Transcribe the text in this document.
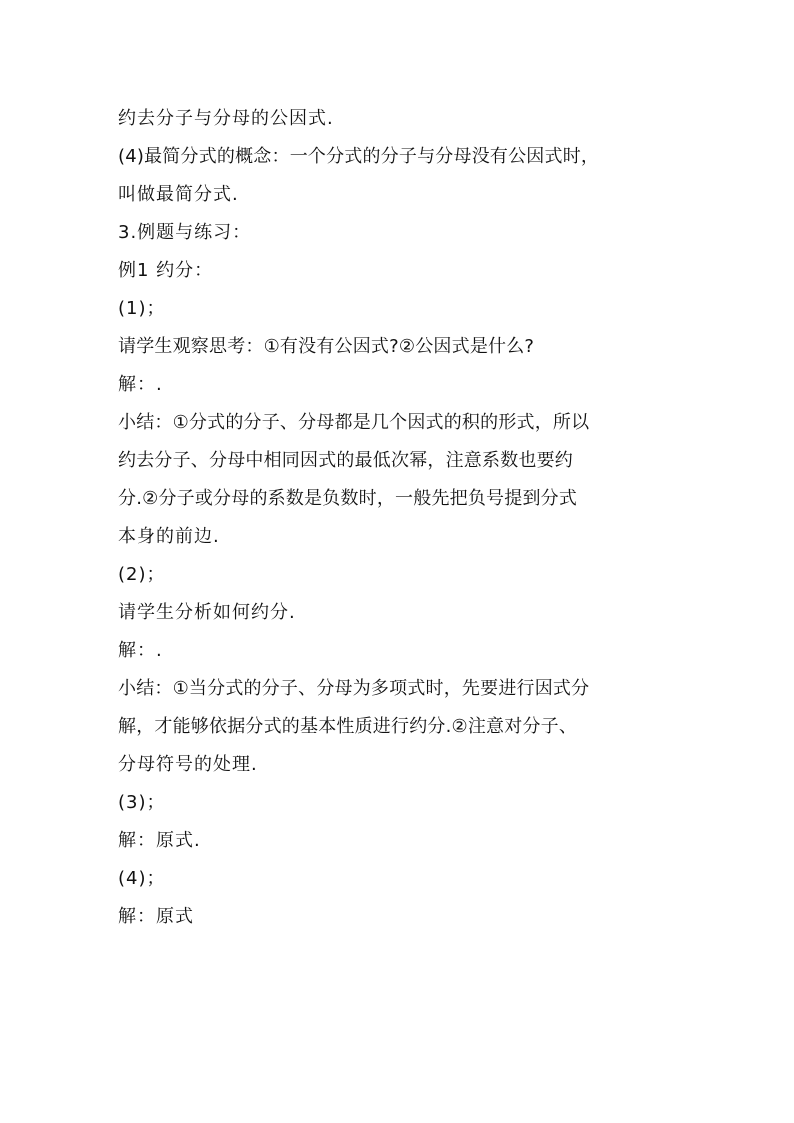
约去分子与分母的公因式.
(4)最简分式的概念：一个分式的分子与分母没有公因式时，
叫做最简分式.
3.例题与练习：
例1 约分：
(1)；
请学生观察思考：①有没有公因式?②公因式是什么?
解：.
小结：①分式的分子、分母都是几个因式的积的形式，所以
约去分子、分母中相同因式的最低次幂，注意系数也要约
分.②分子或分母的系数是负数时，一般先把负号提到分式
本身的前边.
(2)；
请学生分析如何约分.
解：.
小结：①当分式的分子、分母为多项式时，先要进行因式分
解，才能够依据分式的基本性质进行约分.②注意对分子、
分母符号的处理.
(3)；
解：原式.
(4)；
解：原式
